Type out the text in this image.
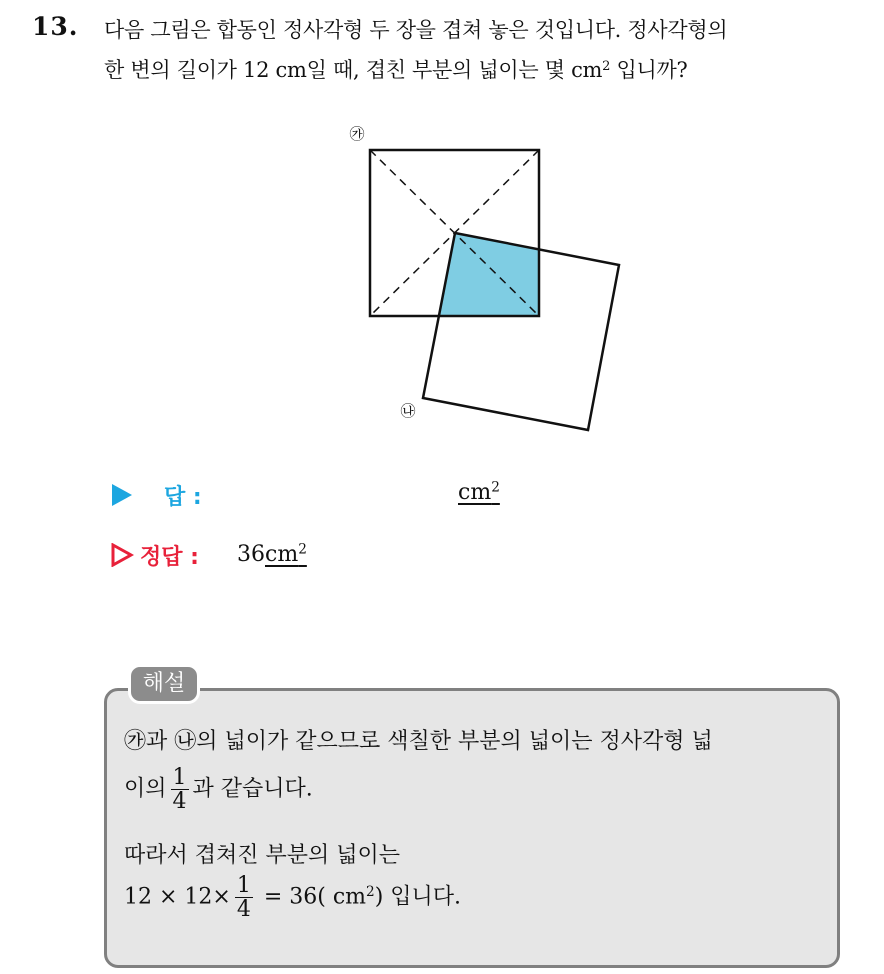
13. 다음 그림은 합동인 정사각형 두 장을 겹쳐 놓은 것입니다. 정사각형의
한 변의 길이가 12 cm일 때, 겹친 부분의 넓이는 몇 $cm^2$ 입니까?
㉮
㉯
답 :	$cm^2$
정답 : $36cm^2$
해설
㉮과 ㉯의 넓이가 같으므로 색칠한 부분의 넓이는 정사각형 넓
이의 $\frac{1}{4}$ 과 같습니다.
따라서 겹쳐진 부분의 넓이는
$12 \times 12\times \frac{1}{4} = 36$( $cm^2$) 입니다.
